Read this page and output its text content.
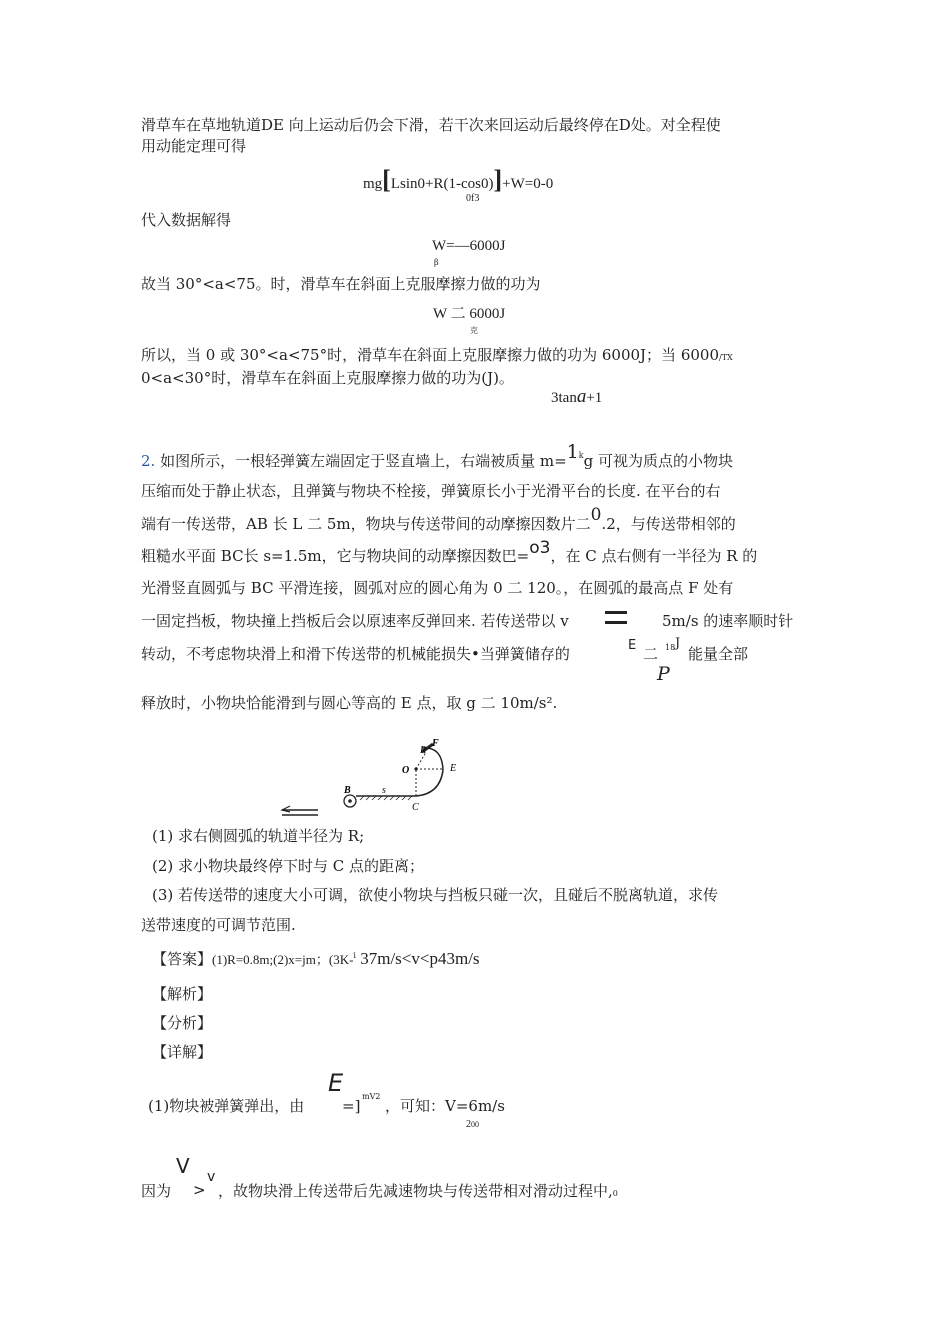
滑草车在草地轨道DE 向上运动后仍会下滑，若干次来回运动后最终停在D处。对全程使
用动能定理可得
mg[Lsin0+R(1-cos0)]+W=0-0
0f3
代入数据解得
W=—6000J
β
故当 30°<a<75。时，滑草车在斜面上克服摩擦力做的功为
W 二 6000J
克
所以，当 0 或 30°<a<75°时，滑草车在斜面上克服摩擦力做的功为 6000J；当 6000/TX
0<a<30°时，滑草车在斜面上克服摩擦力做的功为(J)。
3tana+1
2. 如图所示，一根轻弹簧左端固定于竖直墙上，右端被质量 $m=1^kg$ 可视为质点的小物块
压缩而处于静止状态，且弹簧与物块不栓接，弹簧原长小于光滑平台的长度. 在平台的右
端有一传送带，AB 长 L 二 5m，物块与传送带间的动摩擦因数片二0.2，与传送带相邻的
粗糙水平面 BC长 s=1.5m，它与物块间的动摩擦因数巴=o3，在 C 点右侧有一半径为 R 的
光滑竖直圆弧与 BC 平滑连接，圆弧对应的圆心角为 0 二 120。，在圆弧的最高点 F 处有
一固定挡板，物块撞上挡板后会以原速率反弹回来. 若传送带以 v	5m/s 的速率顺时针
转动，不考虑物块滑上和滑下传送带的机械能损失•当弹簧储存的	E 二 18 J
P
能量全部
释放时，小物块恰能滑到与圆心等高的 E 点，取 g 二 10m/s².
R
F
O	E
B	s
C
(1) 求右侧圆弧的轨道半径为 R;
(2) 求小物块最终停下时与 C 点的距离；
(3) 若传送带的速度大小可调，欲使小物块与挡板只碰一次，且碰后不脱离轨道，求传
送带速度的可调节范围.
【答案】(1)R=0.8m;(2)x=jm；(3K-$^i$ 37m/s<v<p43m/s
【解析】
【分析】
【详解】
(1)物块被弹簧弹出，由
E
=]
mV2
，可知：V=6m/s
200
因为
V
>
v
，故物块滑上传送带后先减速物块与传送带相对滑动过程中,0
